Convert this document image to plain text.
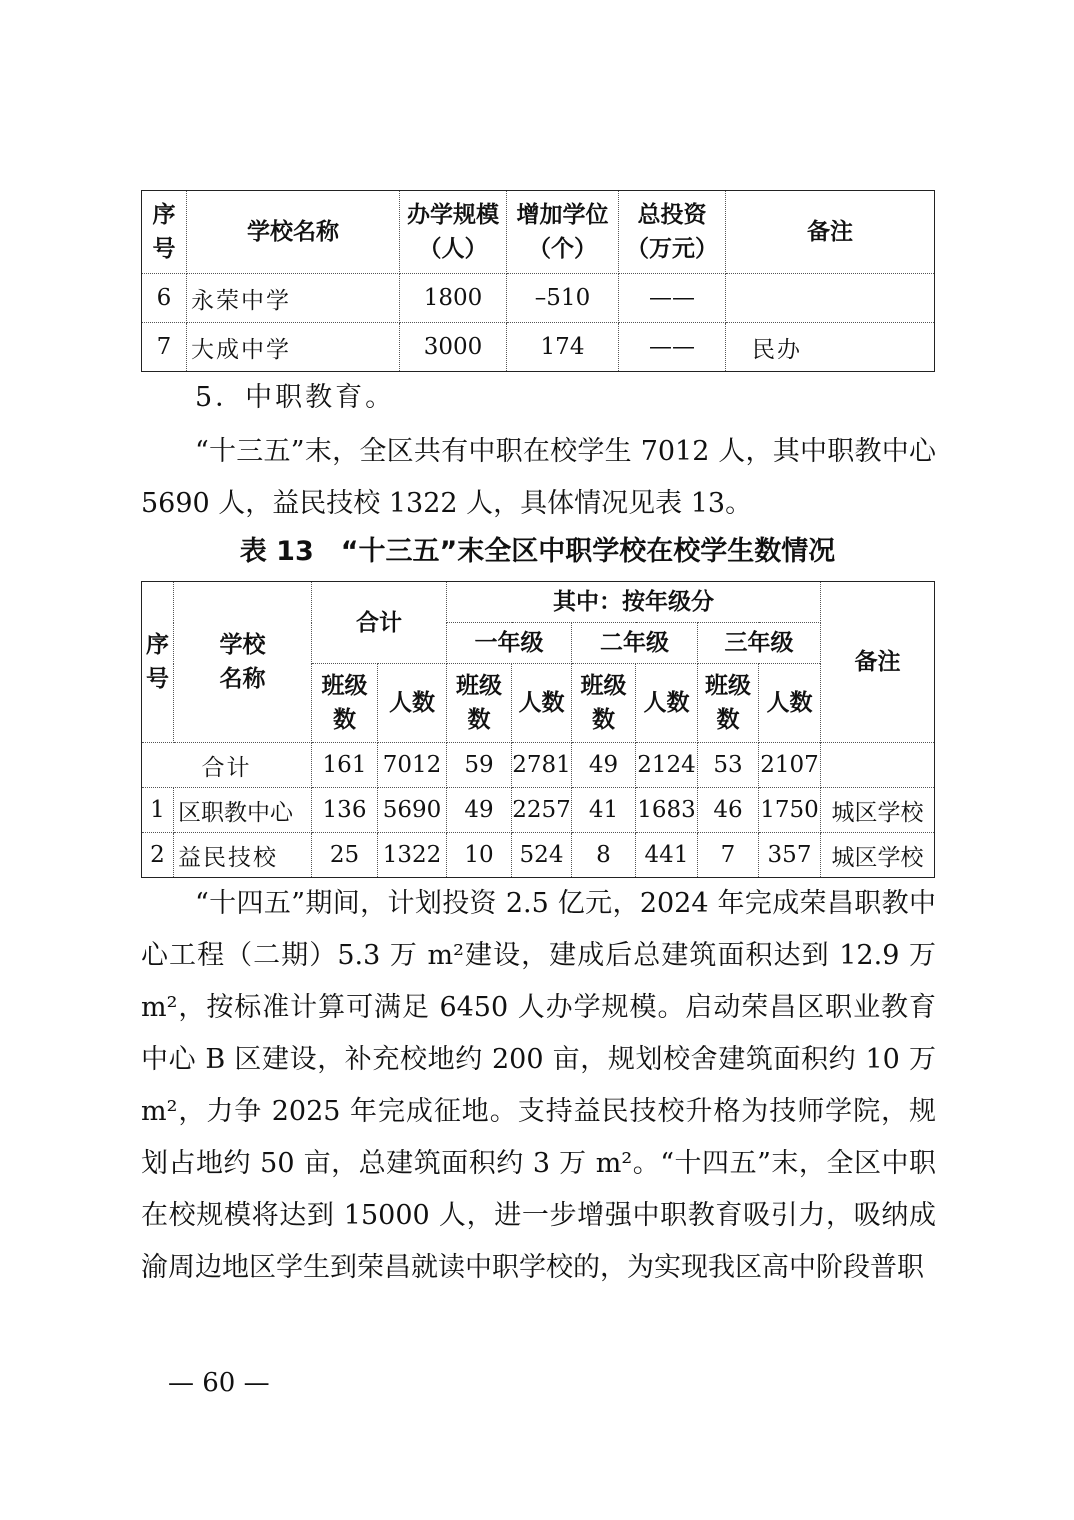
序号	学校名称	办学规模（人）	增加学位（个）	总投资（万元）	备注
6	永荣中学	1800	–510	——	
7	大成中学	3000	174	——	民办
5．中职教育。
“十三五”末，全区共有中职在校学生 7012 人，其中职教中心 5690 人，益民技校 1322 人，具体情况见表 13。
表 13　“十三五”末全区中职学校在校学生数情况
序号	学校名称	合计		其中：按年级分						备注
				一年级		二年级		三年级		
		班级数	人数	班级数	人数	班级数	人数	班级数	人数	
合计		161	7012	59	2781	49	2124	53	2107	
1	区职教中心	136	5690	49	2257	41	1683	46	1750	城区学校
2	益民技校	25	1322	10	524	8	441	7	357	城区学校
“十四五”期间，计划投资 2.5 亿元，2024 年完成荣昌职教中心工程（二期）5.3 万 m²建设，建成后总建筑面积达到 12.9 万 m²，按标准计算可满足 6450 人办学规模。启动荣昌区职业教育中心 B 区建设，补充校地约 200 亩，规划校舍建筑面积约 10 万 m²，力争 2025 年完成征地。支持益民技校升格为技师学院，规划占地约 50 亩，总建筑面积约 3 万 m²。“十四五”末，全区中职在校规模将达到 15000 人，进一步增强中职教育吸引力，吸纳成渝周边地区学生到荣昌就读中职学校的，为实现我区高中阶段普职
— 60 —
